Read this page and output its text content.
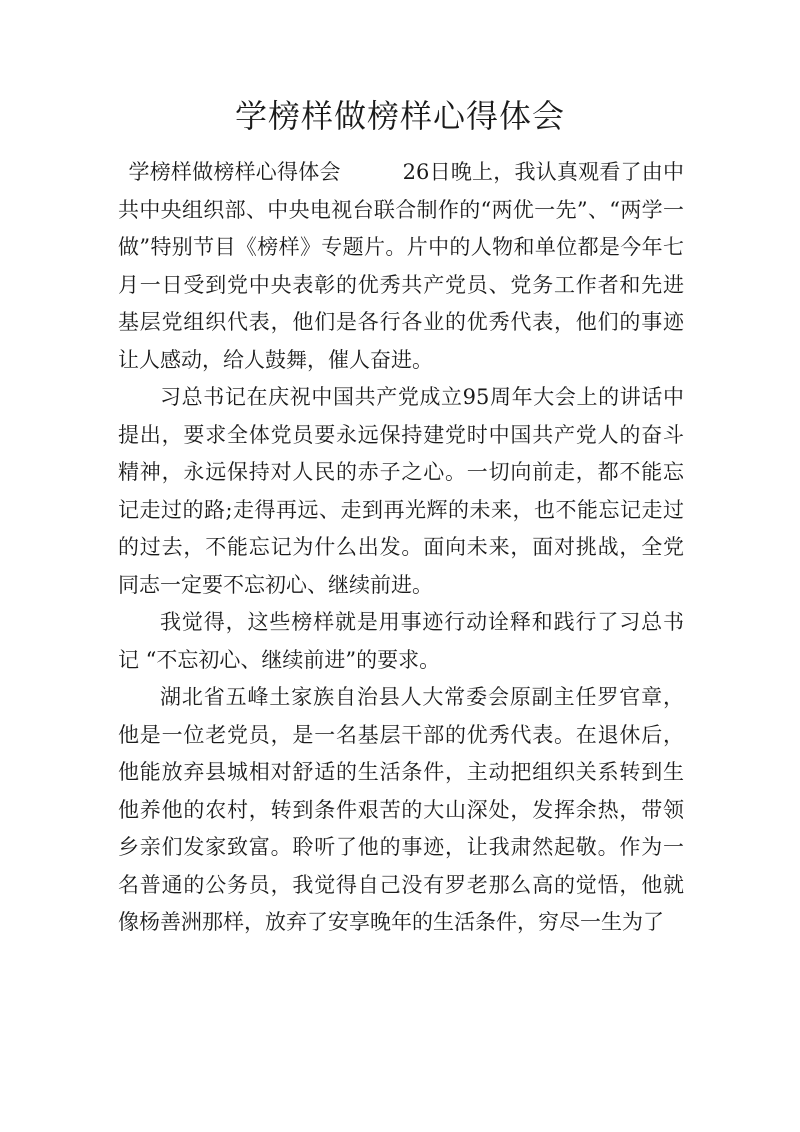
学榜样做榜样心得体会

学榜样做榜样心得体会	26日晚上，我认真观看了由中共中央组织部、中央电视台联合制作的“两优一先”、“两学一做”特别节目《榜样》专题片。片中的人物和单位都是今年七月一日受到党中央表彰的优秀共产党员、党务工作者和先进基层党组织代表，他们是各行各业的优秀代表，他们的事迹让人感动，给人鼓舞，催人奋进。

习总书记在庆祝中国共产党成立95周年大会上的讲话中提出，要求全体党员要永远保持建党时中国共产党人的奋斗精神，永远保持对人民的赤子之心。一切向前走，都不能忘记走过的路;走得再远、走到再光辉的未来，也不能忘记走过的过去，不能忘记为什么出发。面向未来，面对挑战，全党同志一定要不忘初心、继续前进。

我觉得，这些榜样就是用事迹行动诠释和践行了习总书记 “不忘初心、继续前进”的要求。

湖北省五峰土家族自治县人大常委会原副主任罗官章，他是一位老党员，是一名基层干部的优秀代表。在退休后，他能放弃县城相对舒适的生活条件，主动把组织关系转到生他养他的农村，转到条件艰苦的大山深处，发挥余热，带领乡亲们发家致富。聆听了他的事迹，让我肃然起敬。作为一名普通的公务员，我觉得自己没有罗老那么高的觉悟，他就像杨善洲那样，放弃了安享晚年的生活条件，穷尽一生为了
